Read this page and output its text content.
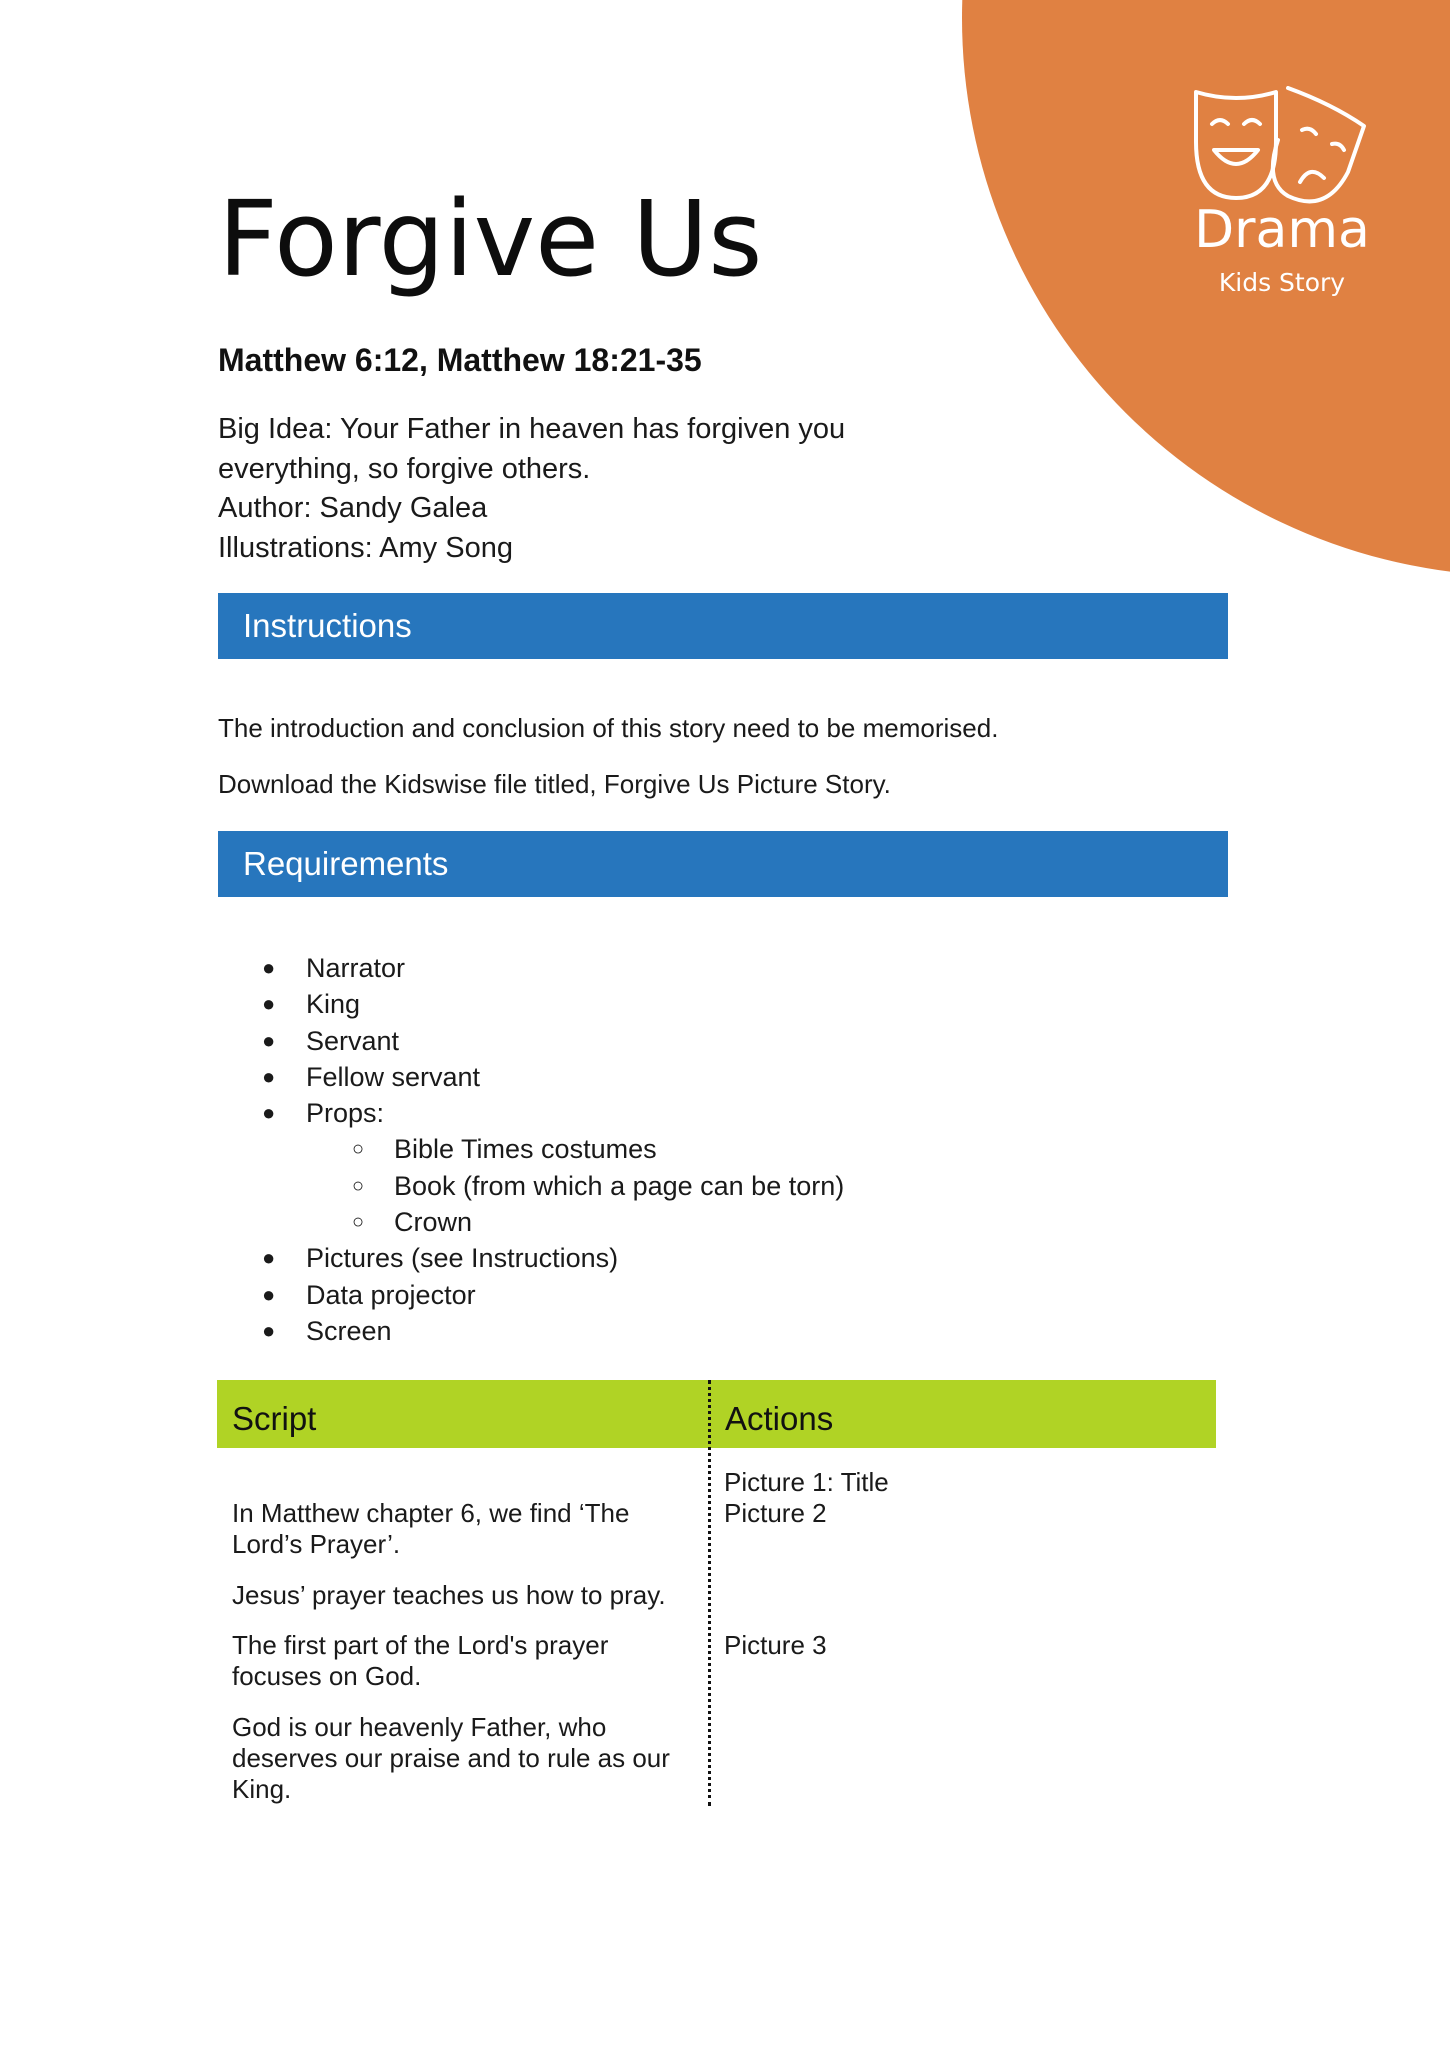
Drama
Kids Story
Forgive Us
Matthew 6:12, Matthew 18:21-35
Big Idea: Your Father in heaven has forgiven you
everything, so forgive others.
Author: Sandy Galea
Illustrations: Amy Song
Instructions
The introduction and conclusion of this story need to be memorised.
Download the Kidswise file titled, Forgive Us Picture Story.
Requirements
● Narrator
● King
● Servant
● Fellow servant
● Props:
○ Bible Times costumes
○ Book (from which a page can be torn)
○ Crown
● Pictures (see Instructions)
● Data projector
● Screen
Script	Actions
In Matthew chapter 6, we find ‘The Lord’s Prayer’.
Jesus’ prayer teaches us how to pray.
The first part of the Lord's prayer focuses on God.
God is our heavenly Father, who deserves our praise and to rule as our King.
Picture 1: Title
Picture 2
Picture 3
